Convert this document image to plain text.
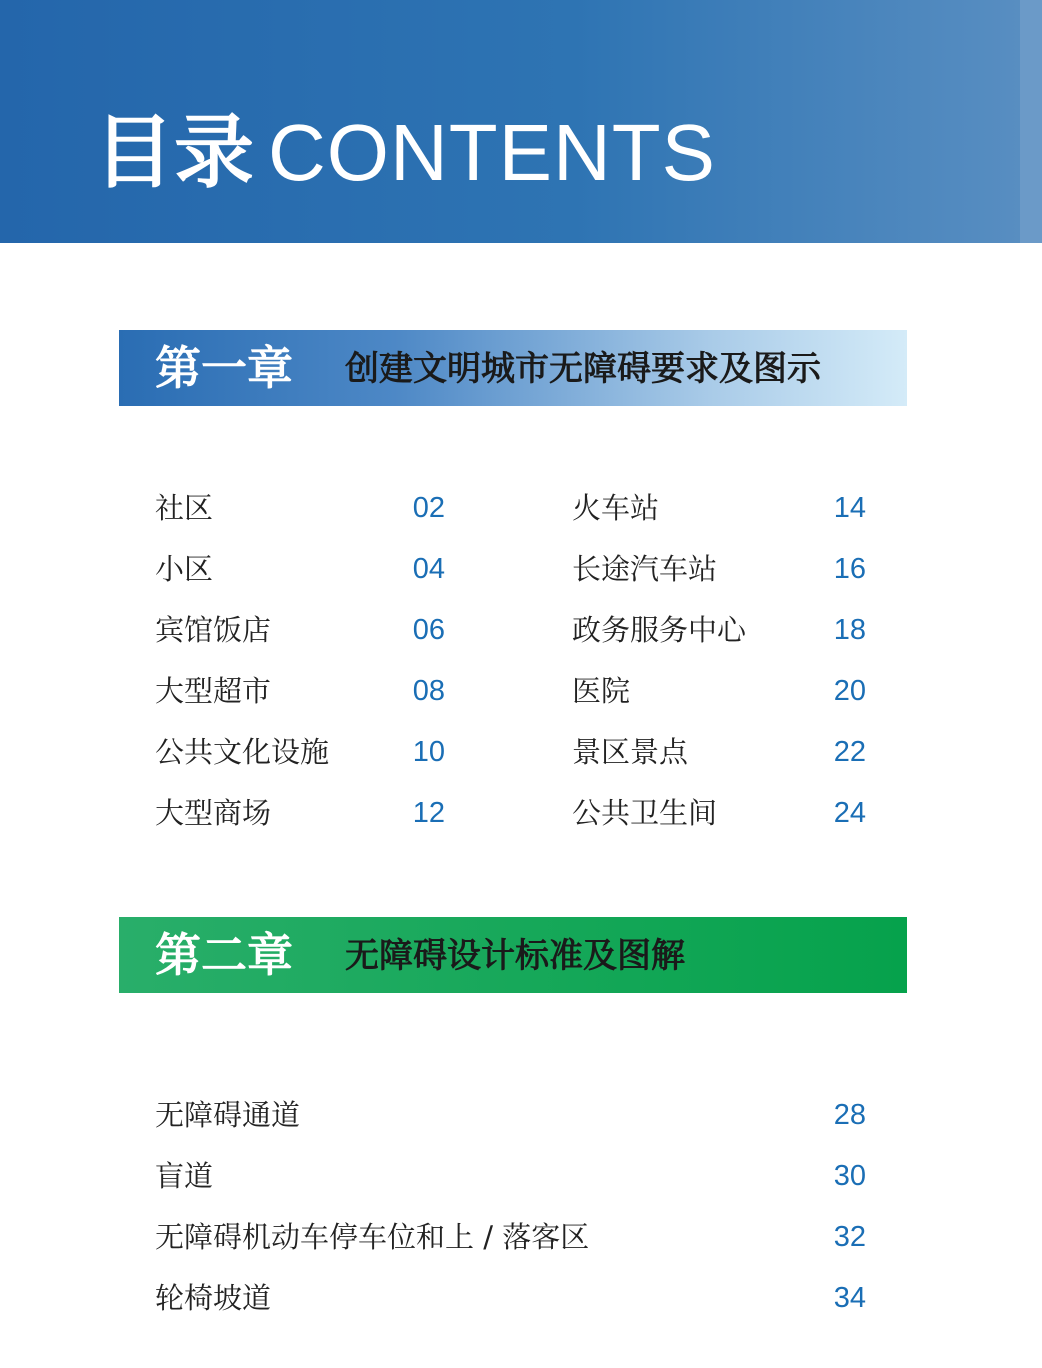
目录 CONTENTS
第一章 创建文明城市无障碍要求及图示
社区	02
小区	04
宾馆饭店	06
大型超市	08
公共文化设施	10
大型商场	12
火车站	14
长途汽车站	16
政务服务中心	18
医院	20
景区景点	22
公共卫生间	24
第二章 无障碍设计标准及图解
无障碍通道	28
盲道	30
无障碍机动车停车位和上 / 落客区	32
轮椅坡道	34
